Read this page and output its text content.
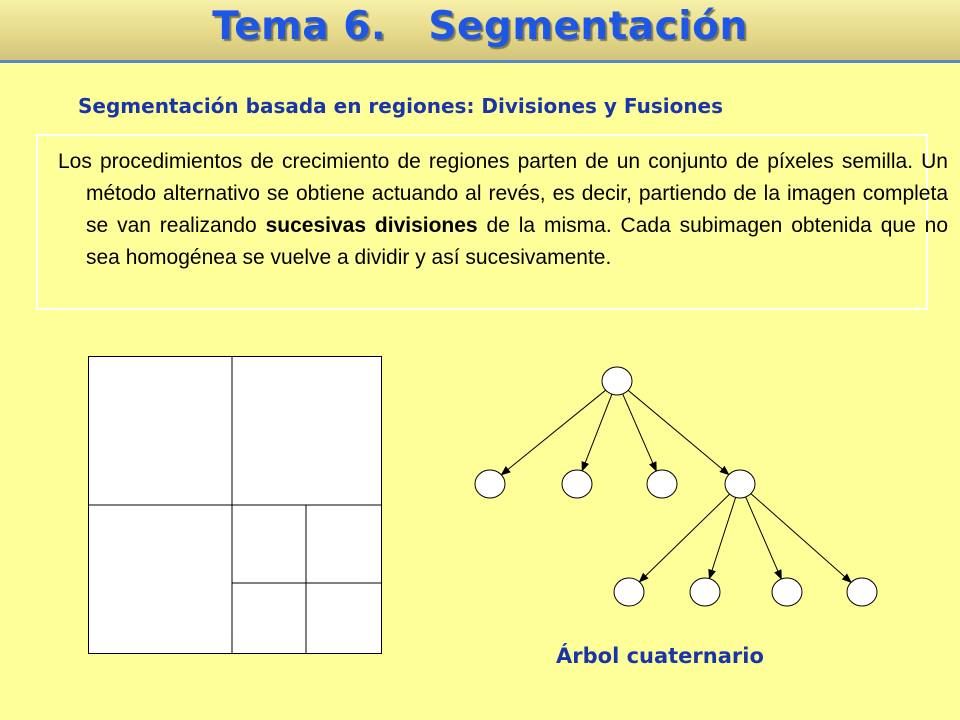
Tema 6.   Segmentación
Segmentación basada en regiones: Divisiones y Fusiones
Los procedimientos de crecimiento de regiones parten de un conjunto de píxeles semilla. Un método alternativo se obtiene actuando al revés, es decir, partiendo de la imagen completa se van realizando sucesivas divisiones de la misma. Cada subimagen obtenida que no sea homogénea se vuelve a dividir y así sucesivamente.
Árbol cuaternario
